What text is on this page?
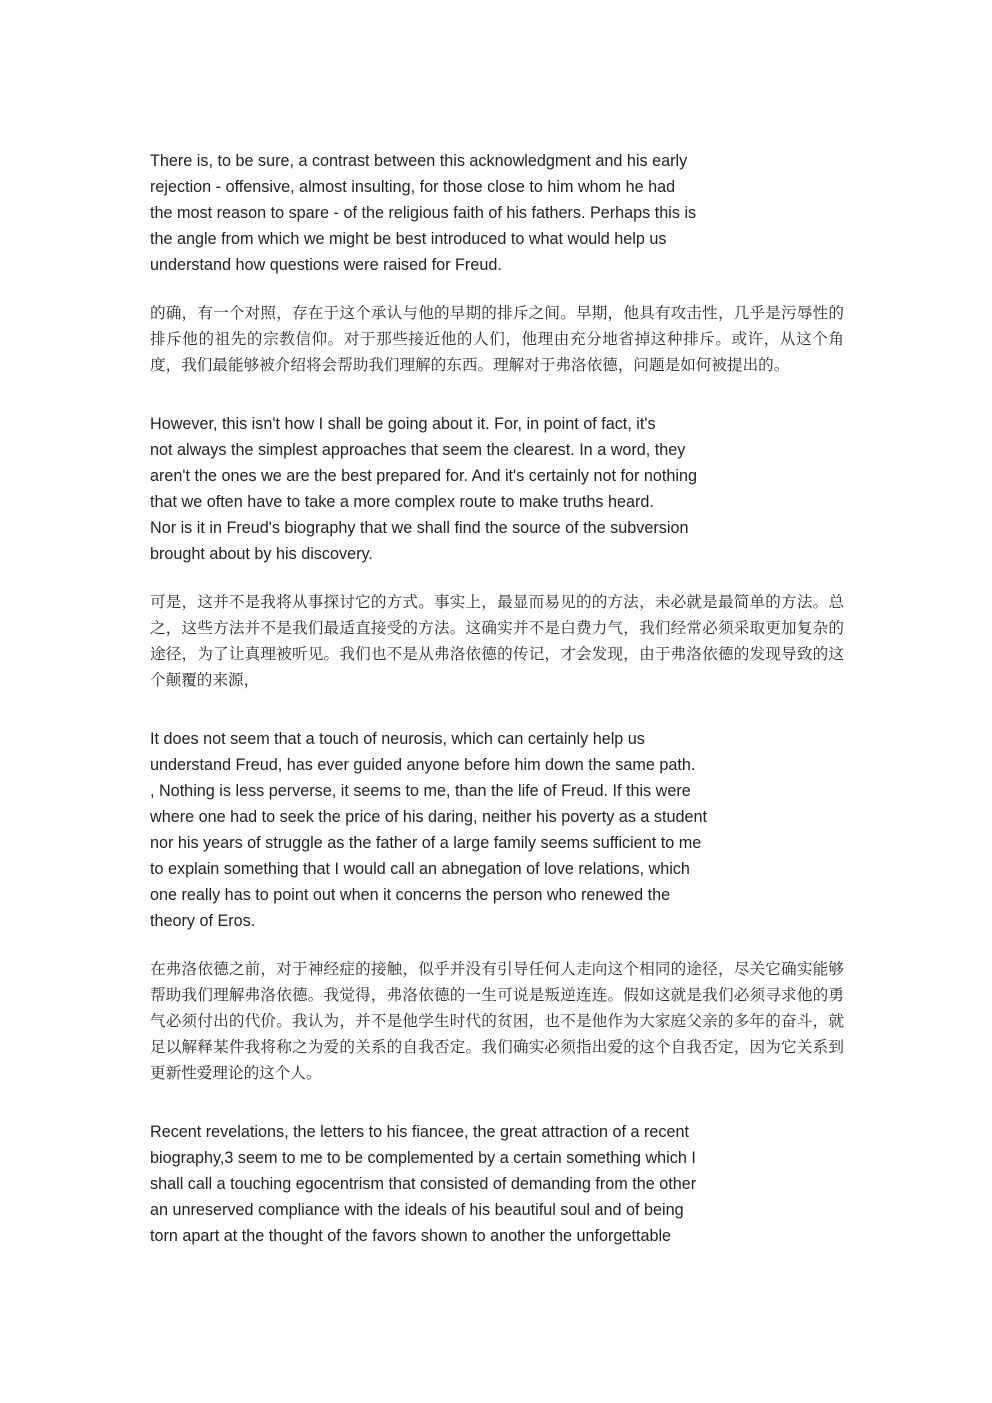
There is, to be sure, a contrast between this acknowledgment and his early
rejection - offensive, almost insulting, for those close to him whom he had
the most reason to spare - of the religious faith of his fathers. Perhaps this is
the angle from which we might be best introduced to what would help us
understand how questions were raised for Freud.

的确，有一个对照，存在于这个承认与他的早期的排斥之间。早期，他具有攻击性，几乎是污辱性的排斥他的祖先的宗教信仰。对于那些接近他的人们，他理由充分地省掉这种排斥。或许，从这个角度，我们最能够被介绍将会帮助我们理解的东西。理解对于弗洛依德，问题是如何被提出的。

However, this isn't how I shall be going about it. For, in point of fact, it's
not always the simplest approaches that seem the clearest. In a word, they
aren't the ones we are the best prepared for. And it's certainly not for nothing
that we often have to take a more complex route to make truths heard.
Nor is it in Freud's biography that we shall find the source of the subversion
brought about by his discovery.

可是，这并不是我将从事探讨它的方式。事实上，最显而易见的的方法，未必就是最简单的方法。总之，这些方法并不是我们最适直接受的方法。这确实并不是白费力气，我们经常必须采取更加复杂的途径，为了让真理被听见。我们也不是从弗洛依德的传记，才会发现，由于弗洛依德的发现导致的这个颠覆的来源，

It does not seem that a touch of neurosis, which can certainly help us
understand Freud, has ever guided anyone before him down the same path.
, Nothing is less perverse, it seems to me, than the life of Freud. If this were
where one had to seek the price of his daring, neither his poverty as a student
nor his years of struggle as the father of a large family seems sufficient to me
to explain something that I would call an abnegation of love relations, which
one really has to point out when it concerns the person who renewed the
theory of Eros.

在弗洛依德之前，对于神经症的接触，似乎并没有引导任何人走向这个相同的途径，尽关它确实能够帮助我们理解弗洛依德。我觉得，弗洛依德的一生可说是叛逆连连。假如这就是我们必须寻求他的勇气必须付出的代价。我认为，并不是他学生时代的贫困，也不是他作为大家庭父亲的多年的奋斗，就足以解释某件我将称之为爱的关系的自我否定。我们确实必须指出爱的这个自我否定，因为它关系到更新性爱理论的这个人。

Recent revelations, the letters to his fiancee, the great attraction of a recent
biography,3 seem to me to be complemented by a certain something which I
shall call a touching egocentrism that consisted of demanding from the other
an unreserved compliance with the ideals of his beautiful soul and of being
torn apart at the thought of the favors shown to another the unforgettable
